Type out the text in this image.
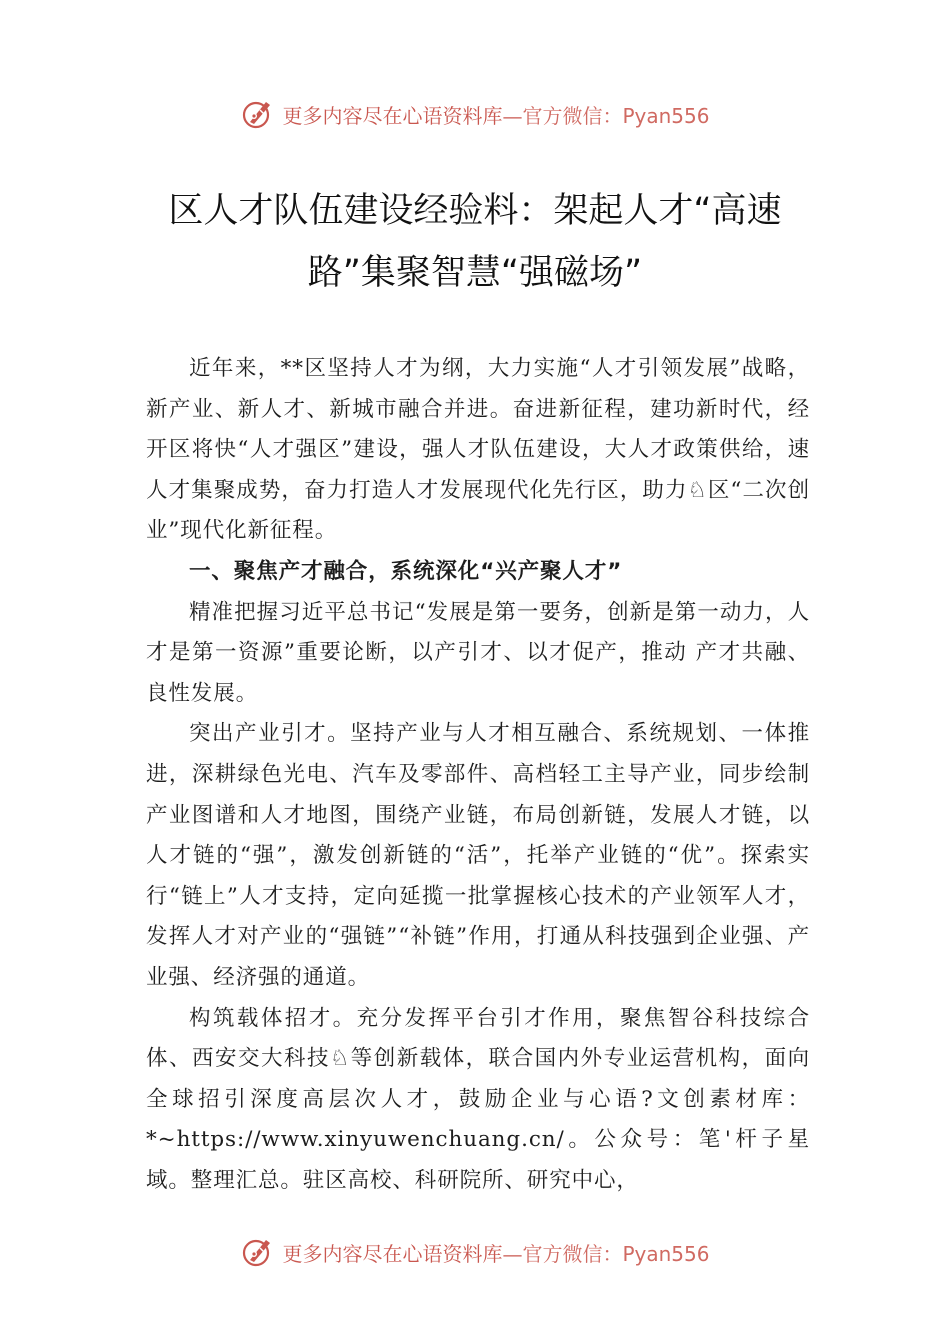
更多内容尽在心语资料库—官方微信：Pyan556
区人才队伍建设经验料：架起人才“高速
路”集聚智慧“强磁场”

近年来，**区坚持人才为纲，大力实施“人才引领发展”战略，新产业、新人才、新城市融合并进。奋进新征程，建功新时代，经开区将快“人才强区”建设，强人才队伍建设，大人才政策供给，速人才集聚成势，奋力打造人才发展现代化先行区，助力♘区“二次创业”现代化新征程。

一、聚焦产才融合，系统深化“兴产聚人才”

精准把握习近平总书记“发展是第一要务，创新是第一动力，人才是第一资源”重要论断，以产引才、以才促产，推动 产才共融、良性发展。

突出产业引才。坚持产业与人才相互融合、系统规划、一体推进，深耕绿色光电、汽车及零部件、高档轻工主导产业，同步绘制产业图谱和人才地图，围绕产业链，布局创新链，发展人才链，以人才链的“强”，激发创新链的“活”，托举产业链的“优”。探索实行“链上”人才支持，定向延揽一批掌握核心技术的产业领军人才，发挥人才对产业的“强链”“补链”作用，打通从科技强到企业强、产业强、经济强的通道。

构筑载体招才。充分发挥平台引才作用，聚焦智谷科技综合体、西安交大科技♘等创新载体，联合国内外专业运营机构，面向全球招引深度高层次人才，鼓励企业与心语?文创素材库：*~https://www.xinyuwenchuang.cn/。公众号：笔'杆子星域。整理汇总。驻区高校、科研院所、研究中心，

更多内容尽在心语资料库—官方微信：Pyan556
